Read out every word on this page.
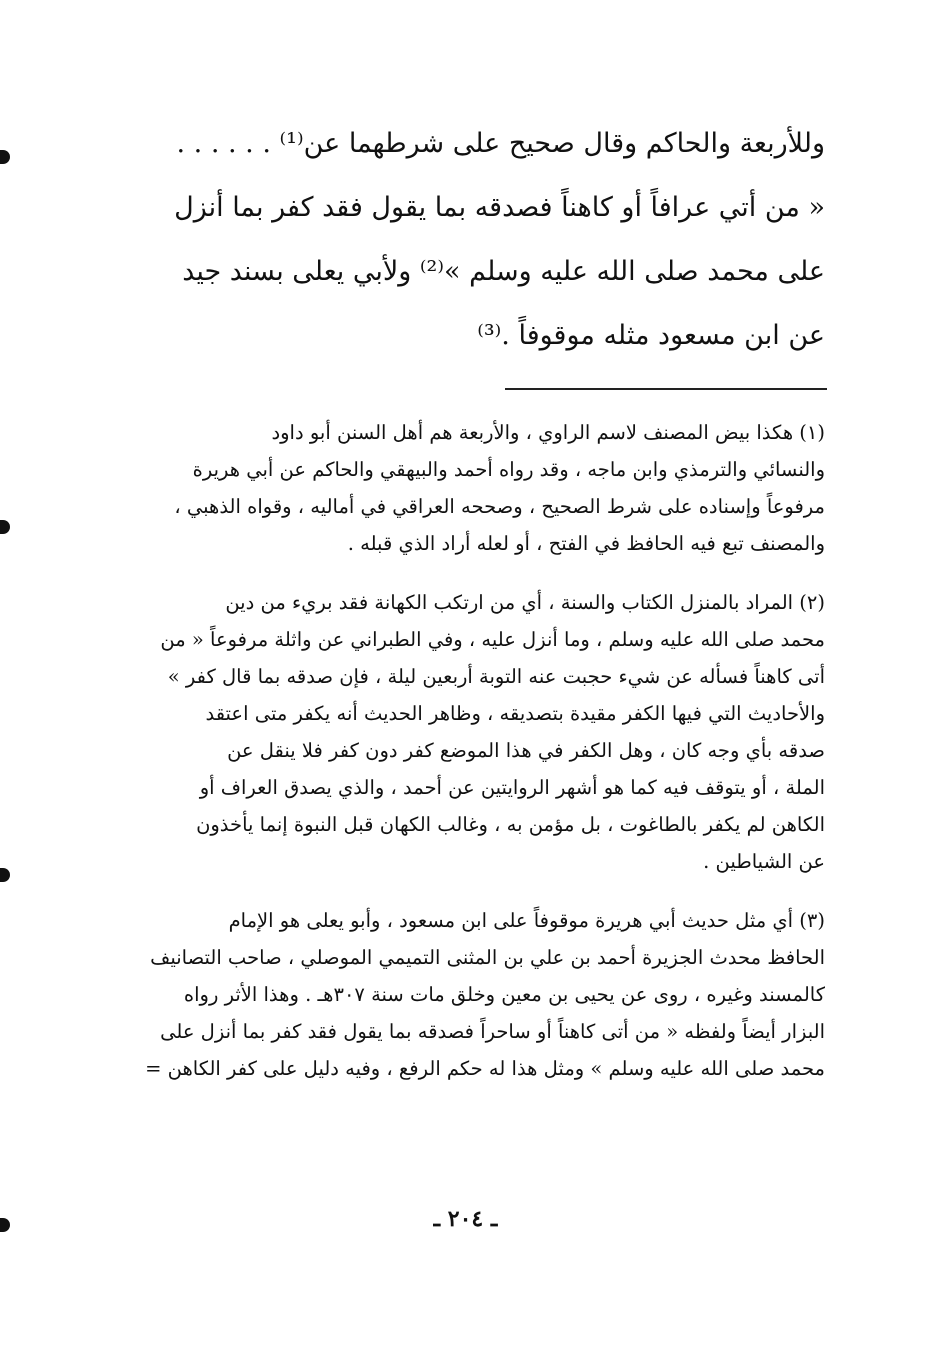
وللأربعة والحاكم وقال صحيح على شرطهما عن⁽¹⁾ . . . . . .
« من أتي عرافاً أو كاهناً فصدقه بما يقول فقد كفر بما أنزل
على محمد صلى الله عليه وسلم »⁽²⁾ ولأبي يعلى بسند جيد
عن ابن مسعود مثله موقوفاً .⁽³⁾
(١) هكذا بيض المصنف لاسم الراوي ، والأربعة هم أهل السنن أبو داود
والنسائي والترمذي وابن ماجه ، وقد رواه أحمد والبيهقي والحاكم عن أبي هريرة
مرفوعاً وإسناده على شرط الصحيح ، وصححه العراقي في أماليه ، وقواه الذهبي ،
والمصنف تبع فيه الحافظ في الفتح ، أو لعله أراد الذي قبله .
(٢) المراد بالمنزل الكتاب والسنة ، أي من ارتكب الكهانة فقد بريء من دين
محمد صلى الله عليه وسلم ، وما أنزل عليه ، وفي الطبراني عن واثلة مرفوعاً « من
أتى كاهناً فسأله عن شيء حجبت عنه التوبة أربعين ليلة ، فإن صدقه بما قال كفر »
والأحاديث التي فيها الكفر مقيدة بتصديقه ، وظاهر الحديث أنه يكفر متى اعتقد
صدقه بأي وجه كان ، وهل الكفر في هذا الموضع كفر دون كفر فلا ينقل عن
الملة ، أو يتوقف فيه كما هو أشهر الروايتين عن أحمد ، والذي يصدق العراف أو
الكاهن لم يكفر بالطاغوت ، بل مؤمن به ، وغالب الكهان قبل النبوة إنما يأخذون
عن الشياطين .
(٣) أي مثل حديث أبي هريرة موقوفاً على ابن مسعود ، وأبو يعلى هو الإمام
الحافظ محدث الجزيرة أحمد بن علي بن المثنى التميمي الموصلي ، صاحب التصانيف
كالمسند وغيره ، روى عن يحيى بن معين وخلق مات سنة ٣٠٧هـ . وهذا الأثر رواه
البزار أيضاً ولفظه « من أتى كاهناً أو ساحراً فصدقه بما يقول فقد كفر بما أنزل على
محمد صلى الله عليه وسلم » ومثل هذا له حكم الرفع ، وفيه دليل على كفر الكاهن =
ـ ٢٠٤ ـ
